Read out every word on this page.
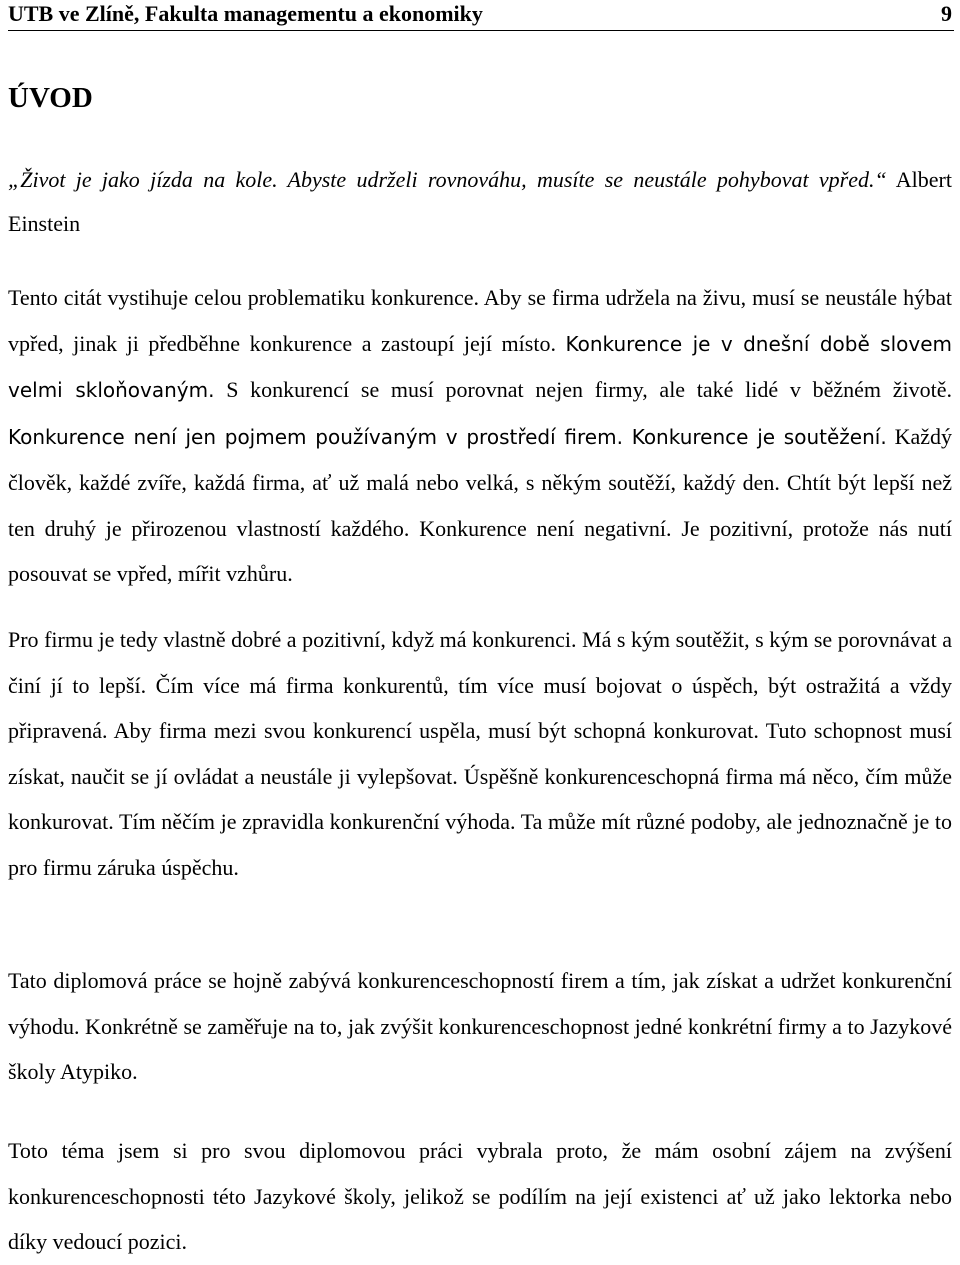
UTB ve Zlíně, Fakulta managementu a ekonomiky	9
ÚVOD

„Život je jako jízda na kole. Abyste udrželi rovnováhu, musíte se neustále pohybovat vpřed.“ Albert Einstein

Tento citát vystihuje celou problematiku konkurence. Aby se firma udržela na živu, musí se neustále hýbat vpřed, jinak ji předběhne konkurence a zastoupí její místo. Konkurence je v dnešní době slovem velmi skloňovaným. S konkurencí se musí porovnat nejen firmy, ale také lidé v běžném životě. Konkurence není jen pojmem používaným v prostředí firem. Konkurence je soutěžení. Každý člověk, každé zvíře, každá firma, ať už malá nebo velká, s někým soutěží, každý den. Chtít být lepší než ten druhý je přirozenou vlastností každého. Konkurence není negativní. Je pozitivní, protože nás nutí posouvat se vpřed, mířit vzhůru.

Pro firmu je tedy vlastně dobré a pozitivní, když má konkurenci. Má s kým soutěžit, s kým se porovnávat a činí jí to lepší. Čím více má firma konkurentů, tím více musí bojovat o úspěch, být ostražitá a vždy připravená. Aby firma mezi svou konkurencí uspěla, musí být schopná konkurovat. Tuto schopnost musí získat, naučit se jí ovládat a neustále ji vylepšovat. Úspěšně konkurenceschopná firma má něco, čím může konkurovat. Tím něčím je zpravidla konkurenční výhoda. Ta může mít různé podoby, ale jednoznačně je to pro firmu záruka úspěchu.

Tato diplomová práce se hojně zabývá konkurenceschopností firem a tím, jak získat a udržet konkurenční výhodu. Konkrétně se zaměřuje na to, jak zvýšit konkurenceschopnost jedné konkrétní firmy a to Jazykové školy Atypiko.

Toto téma jsem si pro svou diplomovou práci vybrala proto, že mám osobní zájem na zvýšení konkurenceschopnosti této Jazykové školy, jelikož se podílím na její existenci ať už jako lektorka nebo díky vedoucí pozici.
